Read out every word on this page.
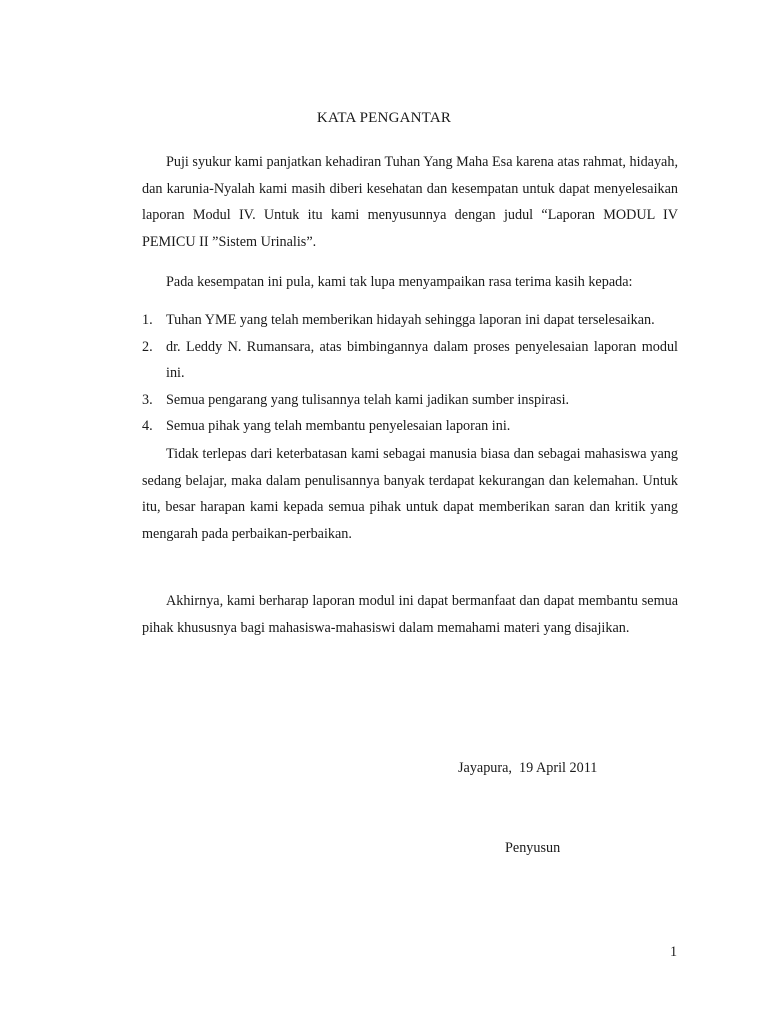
KATA PENGANTAR

Puji syukur kami panjatkan kehadiran Tuhan Yang Maha Esa karena atas rahmat, hidayah, dan karunia-Nyalah kami masih diberi kesehatan dan kesempatan untuk dapat menyelesaikan laporan Modul IV. Untuk itu kami menyusunnya dengan judul “Laporan MODUL IV PEMICU II ”Sistem Urinalis”.

Pada kesempatan ini pula, kami tak lupa menyampaikan rasa terima kasih kepada:

1. Tuhan YME yang telah memberikan hidayah sehingga laporan ini dapat terselesaikan.
2. dr. Leddy N. Rumansara, atas bimbingannya dalam proses penyelesaian laporan modul ini.
3. Semua pengarang yang tulisannya telah kami jadikan sumber inspirasi.
4. Semua pihak yang telah membantu penyelesaian laporan ini.

Tidak terlepas dari keterbatasan kami sebagai manusia biasa dan sebagai mahasiswa yang sedang belajar, maka dalam penulisannya banyak terdapat kekurangan dan kelemahan. Untuk itu, besar harapan kami kepada semua pihak untuk dapat memberikan saran dan kritik yang mengarah pada perbaikan-perbaikan.

Akhirnya, kami berharap laporan modul ini dapat bermanfaat dan dapat membantu semua pihak khususnya bagi mahasiswa-mahasiswi dalam memahami materi yang disajikan.

Jayapura,  19 April 2011
Penyusun
1
